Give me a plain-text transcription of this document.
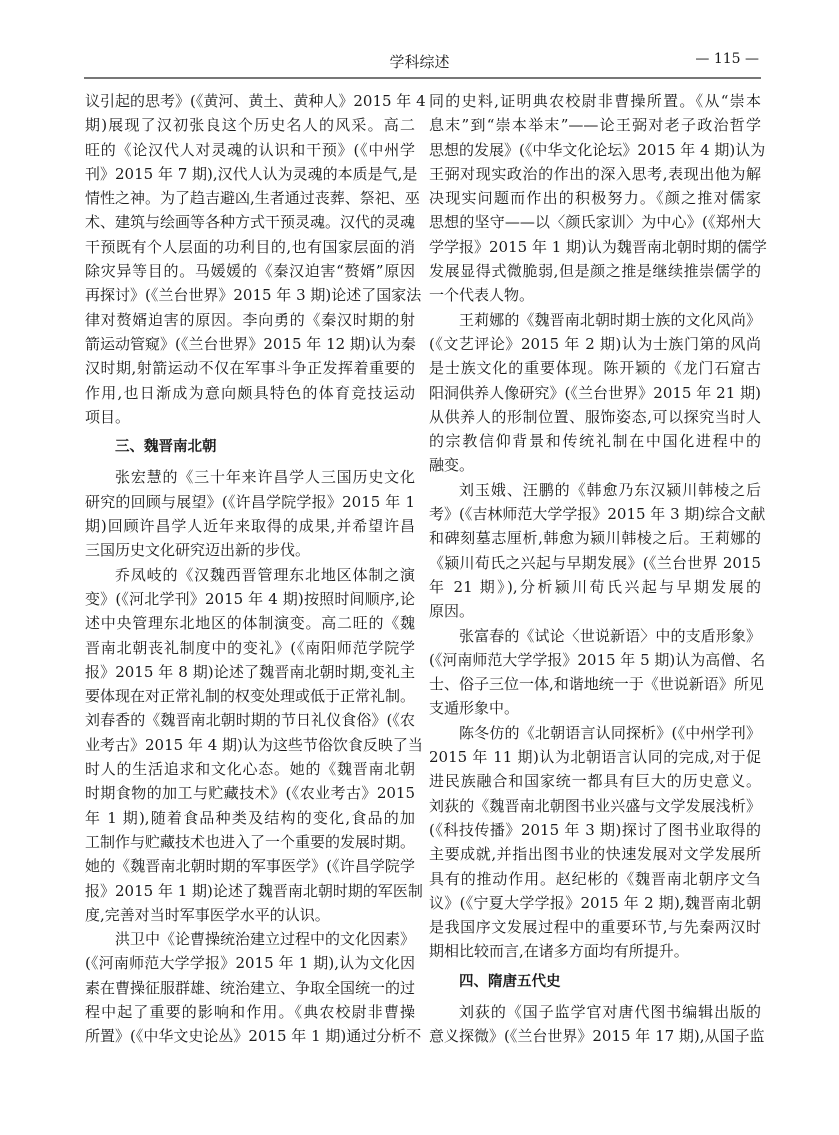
学科综述	— 115 —
议引起的思考》(《黄河、黄土、黄种人》2015 年 4
期)展现了汉初张良这个历史名人的风采。高二
旺的《论汉代人对灵魂的认识和干预》(《中州学
刊》2015 年 7 期),汉代人认为灵魂的本质是气,是
情性之神。为了趋吉避凶,生者通过丧葬、祭祀、巫
术、建筑与绘画等各种方式干预灵魂。汉代的灵魂
干预既有个人层面的功利目的,也有国家层面的消
除灾异等目的。马媛媛的《秦汉迫害“赘婿”原因
再探讨》(《兰台世界》2015 年 3 期)论述了国家法
律对赘婿迫害的原因。李向勇的《秦汉时期的射
箭运动管窥》(《兰台世界》2015 年 12 期)认为秦
汉时期,射箭运动不仅在军事斗争正发挥着重要的
作用,也日渐成为意向颇具特色的体育竞技运动
项目。
三、魏晋南北朝
张宏慧的《三十年来许昌学人三国历史文化
研究的回顾与展望》(《许昌学院学报》2015 年 1
期)回顾许昌学人近年来取得的成果,并希望许昌
三国历史文化研究迈出新的步伐。
乔凤岐的《汉魏西晋管理东北地区体制之演
变》(《河北学刊》2015 年 4 期)按照时间顺序,论
述中央管理东北地区的体制演变。高二旺的《魏
晋南北朝丧礼制度中的变礼》(《南阳师范学院学
报》2015 年 8 期)论述了魏晋南北朝时期,变礼主
要体现在对正常礼制的权变处理或低于正常礼制。
刘春香的《魏晋南北朝时期的节日礼仪食俗》(《农
业考古》2015 年 4 期)认为这些节俗饮食反映了当
时人的生活追求和文化心态。她的《魏晋南北朝
时期食物的加工与贮藏技术》(《农业考古》2015
年 1 期),随着食品种类及结构的变化,食品的加
工制作与贮藏技术也进入了一个重要的发展时期。
她的《魏晋南北朝时期的军事医学》(《许昌学院学
报》2015 年 1 期)论述了魏晋南北朝时期的军医制
度,完善对当时军事医学水平的认识。
洪卫中《论曹操统治建立过程中的文化因素》
(《河南师范大学学报》2015 年 1 期),认为文化因
素在曹操征服群雄、统治建立、争取全国统一的过
程中起了重要的影响和作用。《典农校尉非曹操
所置》(《中华文史论丛》2015 年 1 期)通过分析不
同的史料,证明典农校尉非曹操所置。《从“崇本
息末”到“崇本举末”——论王弼对老子政治哲学
思想的发展》(《中华文化论坛》2015 年 4 期)认为
王弼对现实政治的作出的深入思考,表现出他为解
决现实问题而作出的积极努力。《颜之推对儒家
思想的坚守——以〈颜氏家训〉为中心》(《郑州大
学学报》2015 年 1 期)认为魏晋南北朝时期的儒学
发展显得式微脆弱,但是颜之推是继续推崇儒学的
一个代表人物。
王莉娜的《魏晋南北朝时期士族的文化风尚》
(《文艺评论》2015 年 2 期)认为士族门第的风尚
是士族文化的重要体现。陈开颖的《龙门石窟古
阳洞供养人像研究》(《兰台世界》2015 年 21 期)
从供养人的形制位置、服饰姿态,可以探究当时人
的宗教信仰背景和传统礼制在中国化进程中的
融变。
刘玉娥、汪鹏的《韩愈乃东汉颍川韩棱之后
考》(《吉林师范大学学报》2015 年 3 期)综合文献
和碑刻墓志厘析,韩愈为颍川韩棱之后。王莉娜的
《颍川荀氏之兴起与早期发展》(《兰台世界 2015
年 21 期》),分析颍川荀氏兴起与早期发展的
原因。
张富春的《试论〈世说新语〉中的支盾形象》
(《河南师范大学学报》2015 年 5 期)认为高僧、名
士、俗子三位一体,和谐地统一于《世说新语》所见
支遁形象中。
陈冬仿的《北朝语言认同探析》(《中州学刊》
2015 年 11 期)认为北朝语言认同的完成,对于促
进民族融合和国家统一都具有巨大的历史意义。
刘荻的《魏晋南北朝图书业兴盛与文学发展浅析》
(《科技传播》2015 年 3 期)探讨了图书业取得的
主要成就,并指出图书业的快速发展对文学发展所
具有的推动作用。赵纪彬的《魏晋南北朝序文刍
议》(《宁夏大学学报》2015 年 2 期),魏晋南北朝
是我国序文发展过程中的重要环节,与先秦两汉时
期相比较而言,在诸多方面均有所提升。
四、隋唐五代史
刘荻的《国子监学官对唐代图书编辑出版的
意义探微》(《兰台世界》2015 年 17 期),从国子监
